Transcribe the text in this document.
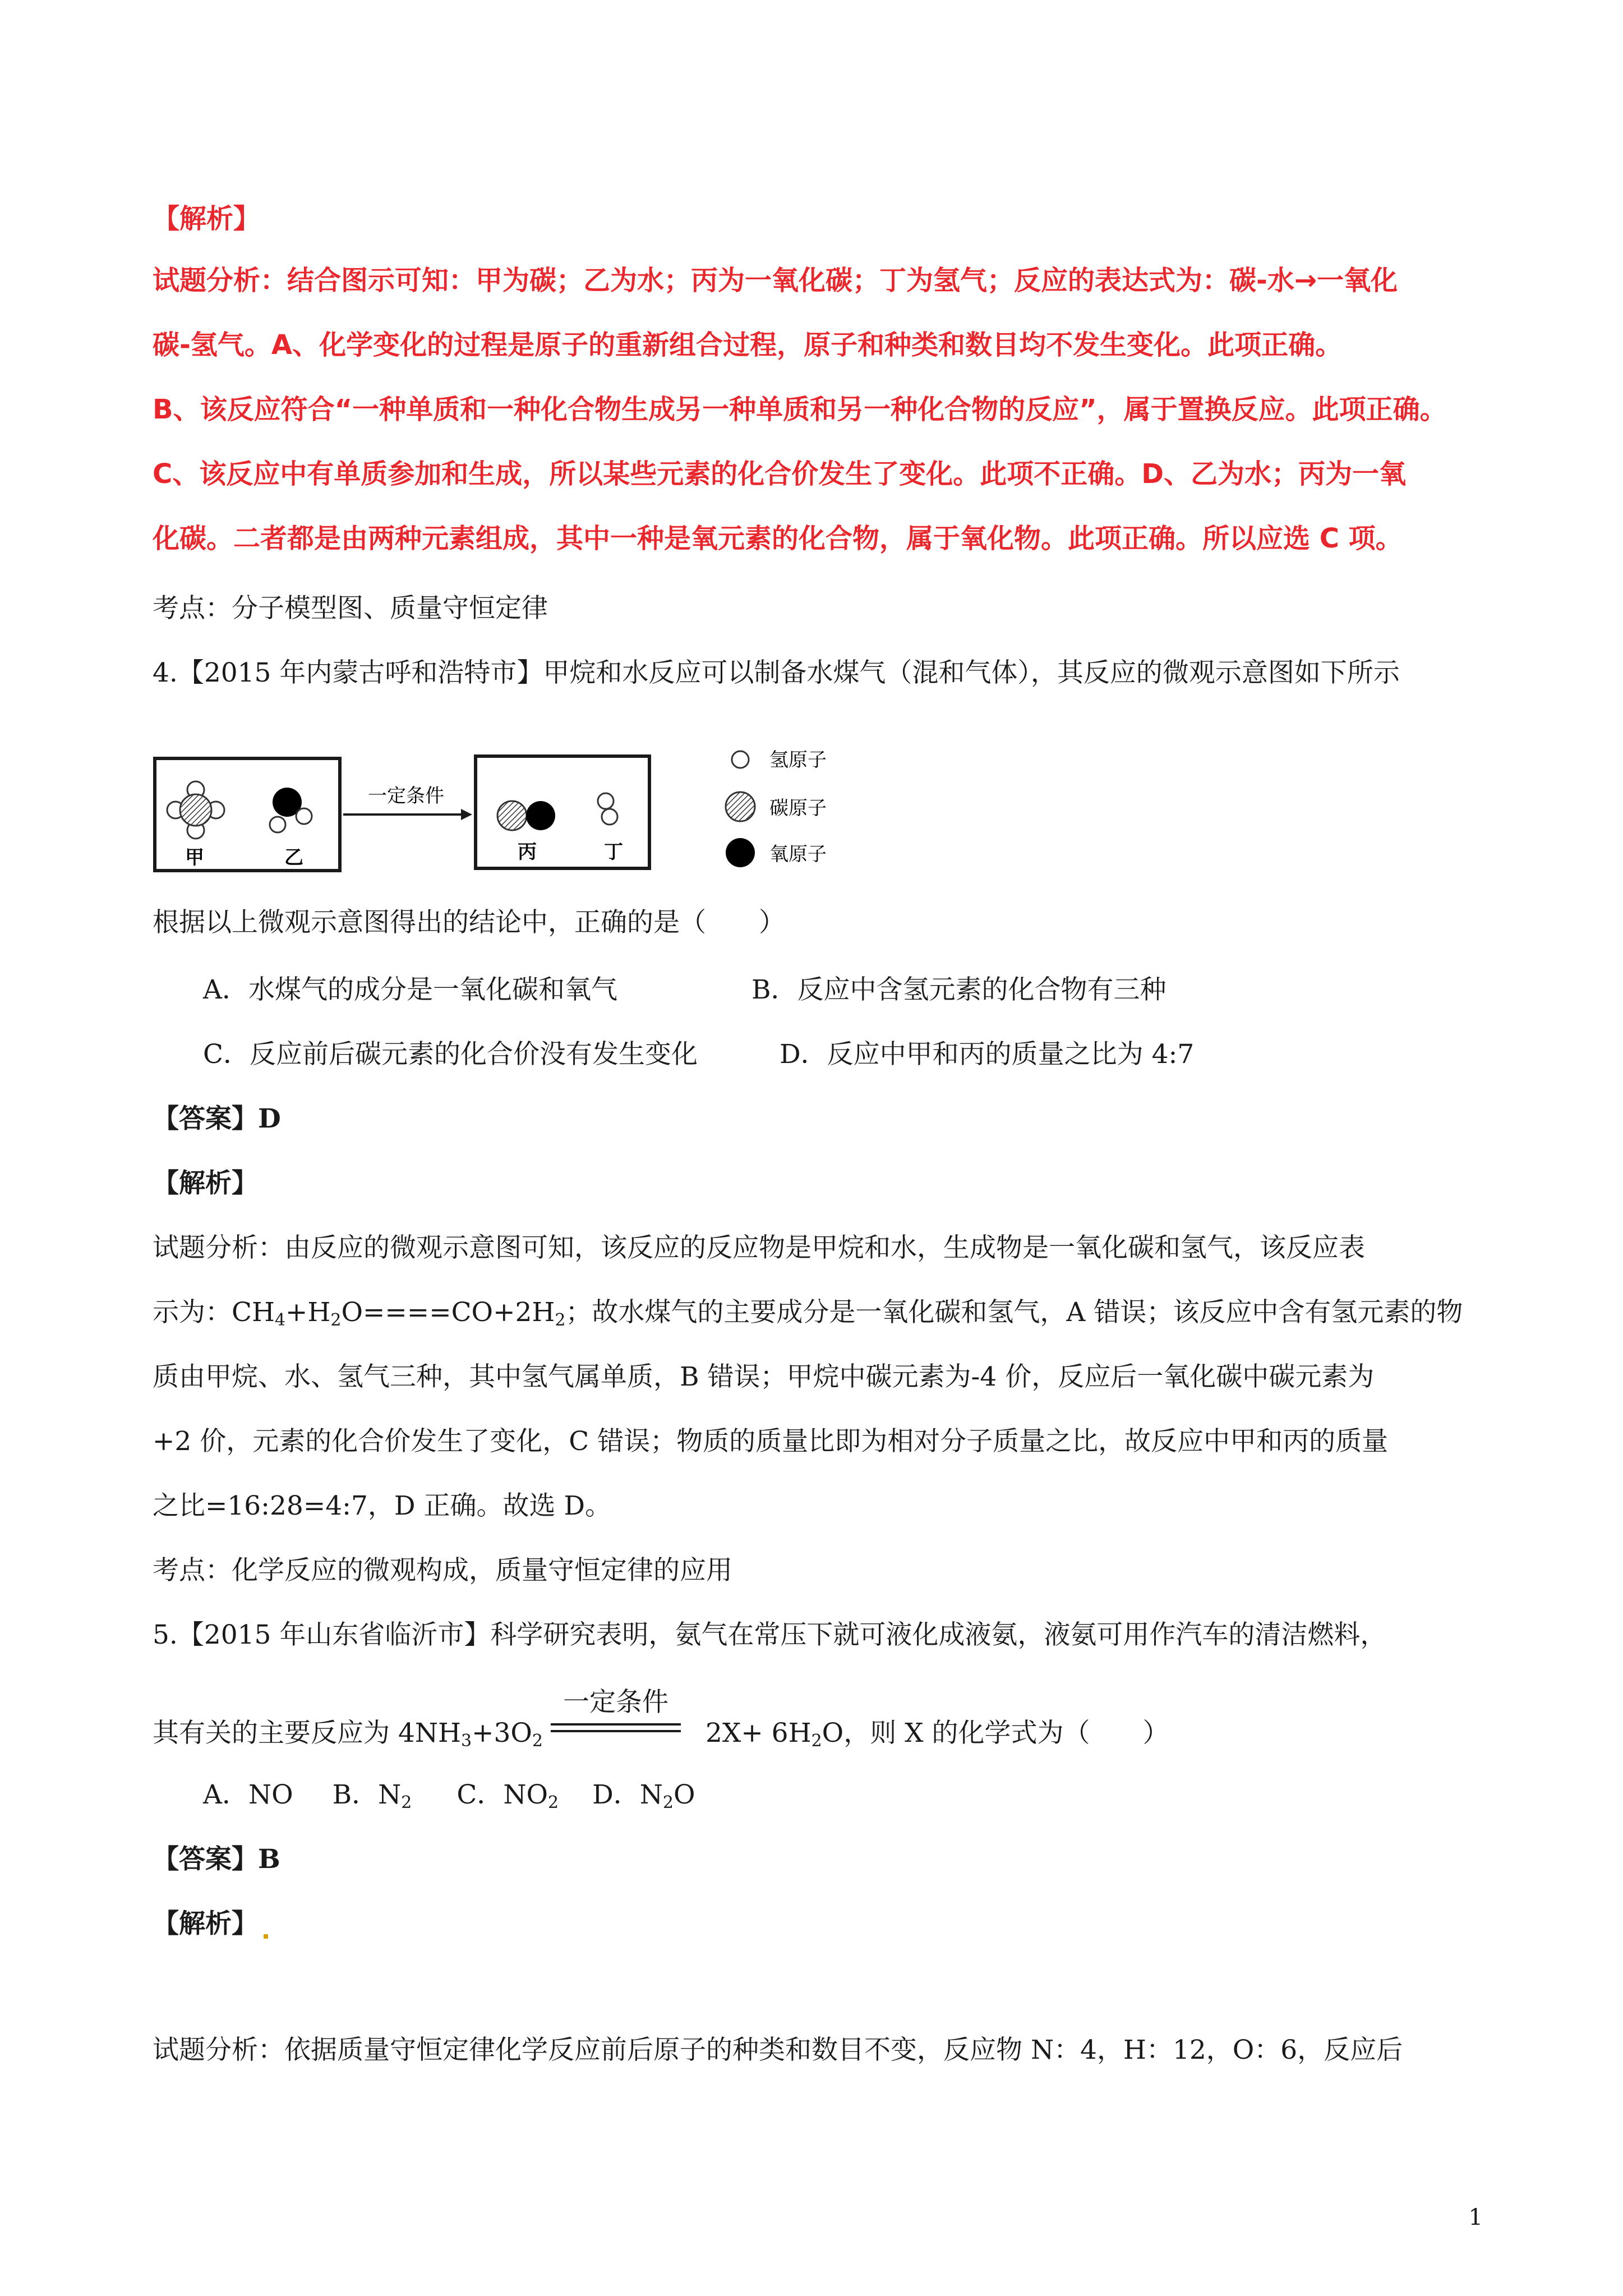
【解析】
试题分析：结合图示可知：甲为碳；乙为水；丙为一氧化碳；丁为氢气；反应的表达式为：碳-水→一氧化
碳-氢气。A、化学变化的过程是原子的重新组合过程，原子和种类和数目均不发生变化。此项正确。
B、该反应符合“一种单质和一种化合物生成另一种单质和另一种化合物的反应”，属于置换反应。此项正确。
C、该反应中有单质参加和生成，所以某些元素的化合价发生了变化。此项不正确。D、乙为水；丙为一氧
化碳。二者都是由两种元素组成，其中一种是氧元素的化合物，属于氧化物。此项正确。所以应选 C 项。
考点：分子模型图、质量守恒定律
4.【2015 年内蒙古呼和浩特市】甲烷和水反应可以制备水煤气（混和气体），其反应的微观示意图如下所示
甲	乙
一定条件
丙	丁
氢原子
碳原子
氧原子
根据以上微观示意图得出的结论中，正确的是（　　）
A．水煤气的成分是一氧化碳和氧气	B．反应中含氢元素的化合物有三种
C．反应前后碳元素的化合价没有发生变化	D．反应中甲和丙的质量之比为 4:7
【答案】D
【解析】
试题分析：由反应的微观示意图可知，该反应的反应物是甲烷和水，生成物是一氧化碳和氢气，该反应表
示为：$CH_4+H_2O====CO+2H_2$；故水煤气的主要成分是一氧化碳和氢气，A 错误；该反应中含有氢元素的物
质由甲烷、水、氢气三种，其中氢气属单质，B 错误；甲烷中碳元素为-4 价，反应后一氧化碳中碳元素为
+2 价，元素的化合价发生了变化，C 错误；物质的质量比即为相对分子质量之比，故反应中甲和丙的质量
之比=16:28=4:7，D 正确。故选 D。
考点：化学反应的微观构成，质量守恒定律的应用
5.【2015 年山东省临沂市】科学研究表明，氨气在常压下就可液化成液氨，液氨可用作汽车的清洁燃料，
一定条件
其有关的主要反应为 $4NH_3+3O_2$	$2X+ 6H_2O$，则 X 的化学式为（　　）
A．NO B．$N_2$ C．$NO_2$ D．$N_2O$
【答案】B
【解析】
试题分析：依据质量守恒定律化学反应前后原子的种类和数目不变，反应物 N：4，H：12，O：6，反应后
1
